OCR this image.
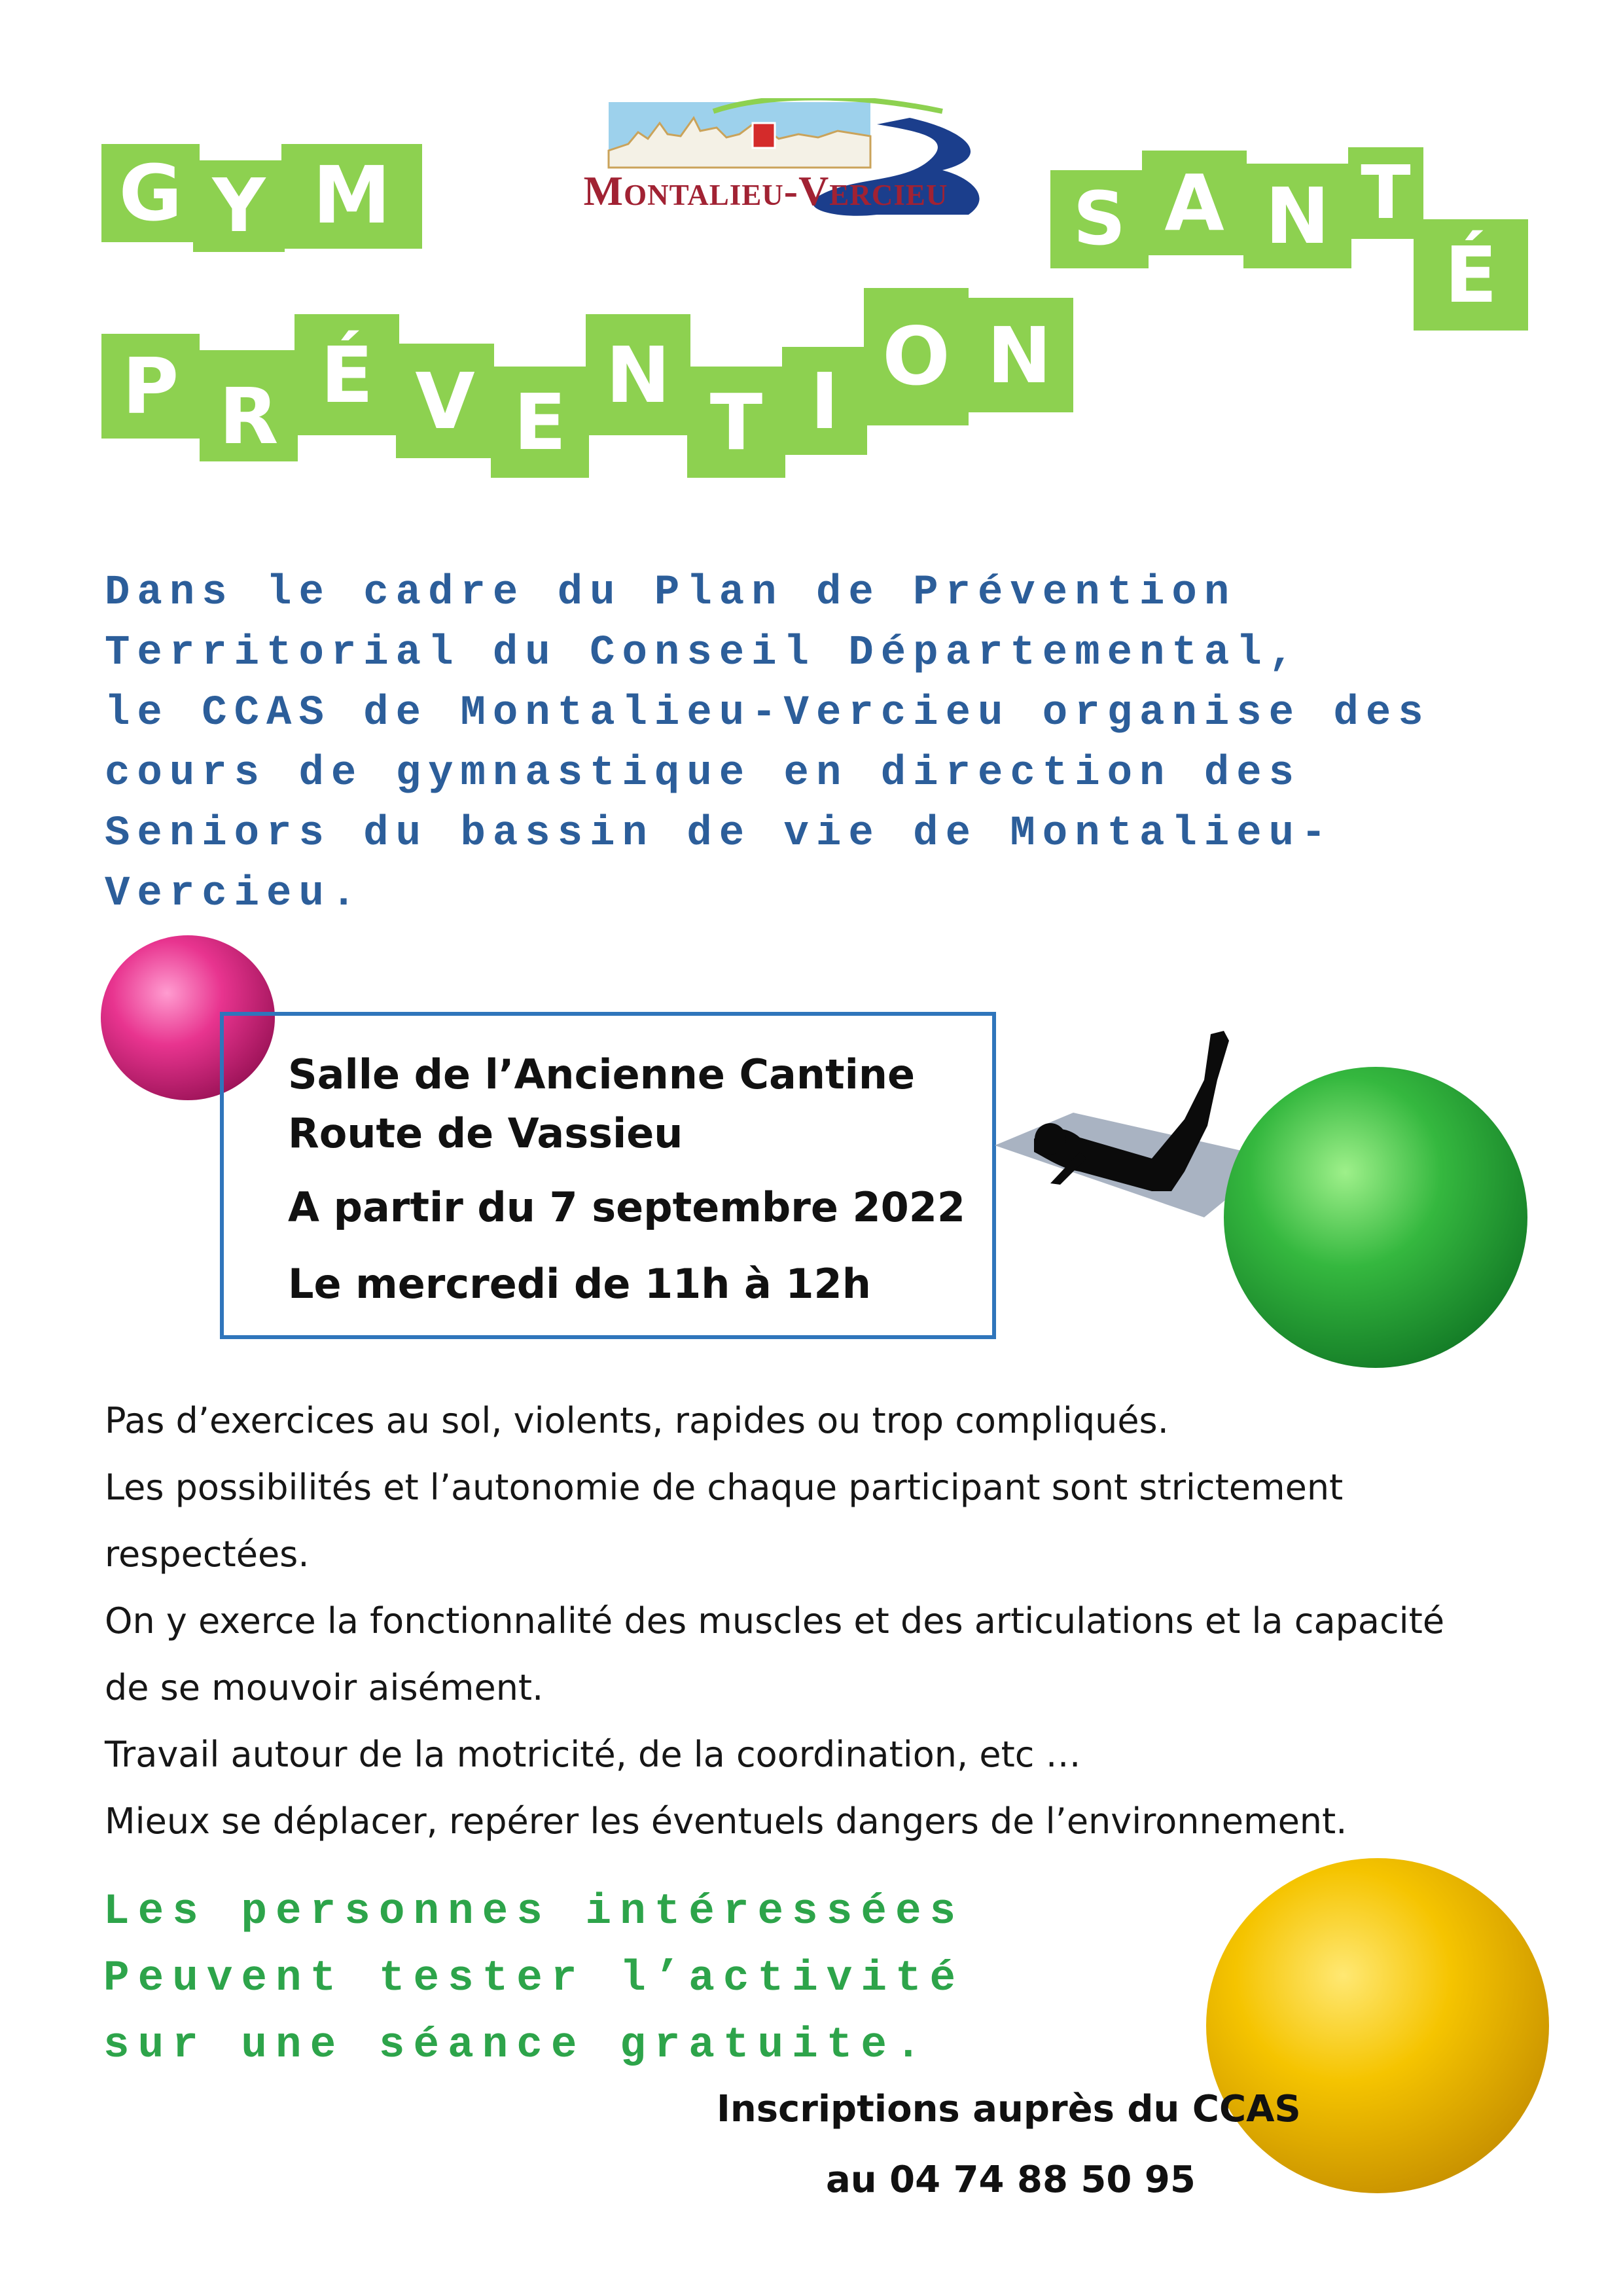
G Y M
P R É V E
N
T I O N
S A N T
É
Montalieu-Vercieu
Dans le cadre du Plan de Prévention
Territorial du Conseil Départemental,
le CCAS de Montalieu-Vercieu organise des
cours de gymnastique en direction des
Seniors du bassin de vie de Montalieu-
Vercieu.
Salle de l’Ancienne Cantine
Route de Vassieu
A partir du 7 septembre 2022
Le mercredi de 11h à 12h
Pas d’exercices au sol, violents, rapides ou trop compliqués.
Les possibilités et l’autonomie de chaque participant sont strictement
respectées.
On y exerce la fonctionnalité des muscles et des articulations et la capacité
de se mouvoir aisément.
Travail autour de la motricité, de la coordination, etc …
Mieux se déplacer, repérer les éventuels dangers de l’environnement.
Les personnes intéressées
Peuvent tester l’activité
sur une séance gratuite.
Inscriptions auprès du CCAS
au 04 74 88 50 95
